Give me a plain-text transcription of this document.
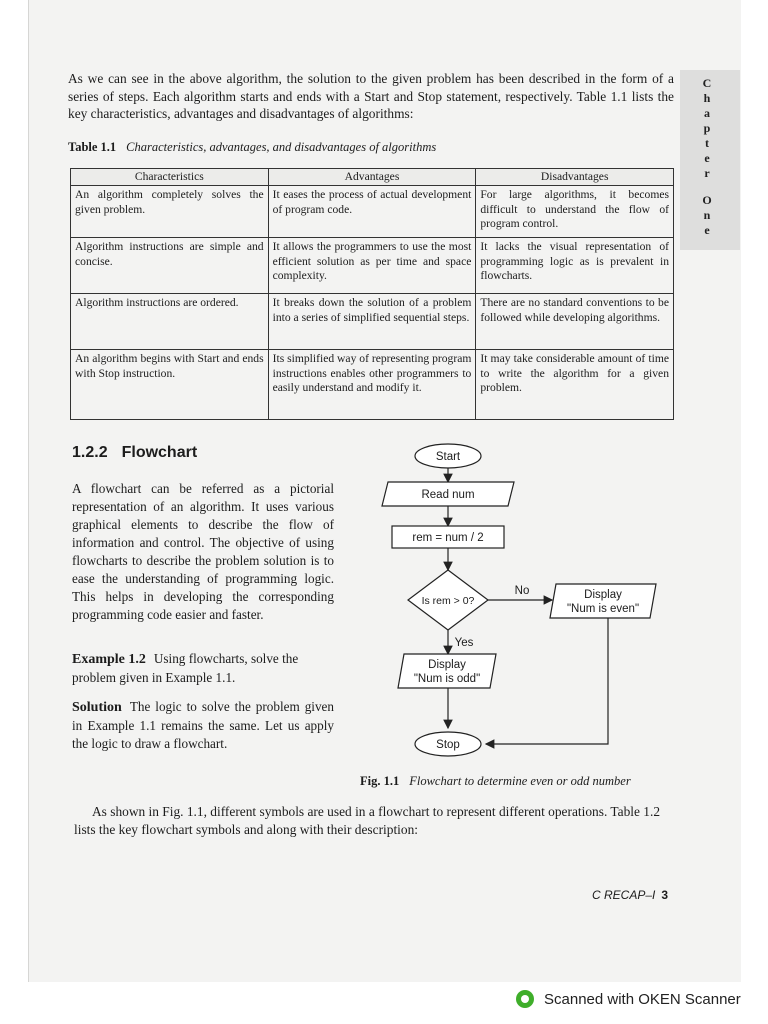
C
h
a
p
t
e
r
O
n
e

As we can see in the above algorithm, the solution to the given problem has been described in the form of a series of steps. Each algorithm starts and ends with a Start and Stop statement, respectively. Table 1.1 lists the key characteristics, advantages and disadvantages of algorithms:

Table 1.1 Characteristics, advantages, and disadvantages of algorithms
Characteristics	Advantages	Disadvantages
An algorithm completely solves the given problem.	It eases the process of actual development of program code.	For large algorithms, it becomes difficult to understand the flow of program control.
Algorithm instructions are simple and concise.	It allows the programmers to use the most efficient solution as per time and space complexity.	It lacks the visual representation of programming logic as is prevalent in flowcharts.
Algorithm instructions are ordered.	It breaks down the solution of a problem into a series of simplified sequential steps.	There are no standard conventions to be followed while developing algorithms.
An algorithm begins with Start and ends with Stop instruction.	Its simplified way of representing program instructions enables other programmers to easily understand and modify it.	It may take considerable amount of time to write the algorithm for a given problem.
1.2.2 Flowchart

A flowchart can be referred as a pictorial representation of an algorithm. It uses various graphical elements to describe the flow of information and control. The objective of using flowcharts to describe the problem solution is to ease the understanding of programming logic. This helps in developing the corresponding programming code easier and faster.

Example 1.2 Using flowcharts, solve the problem given in Example 1.1.

Solution The logic to solve the problem given in Example 1.1 remains the same. Let us apply the logic to draw a flowchart.

Start
Read num
rem = num / 2
Is rem > 0?
No
Yes
Display
"Num is even"
Display
"Num is odd"
Stop
Fig. 1.1 Flowchart to determine even or odd number

As shown in Fig. 1.1, different symbols are used in a flowchart to represent different operations. Table 1.2 lists the key flowchart symbols and along with their description:

C RECAP–I 3
Scanned with OKEN Scanner
